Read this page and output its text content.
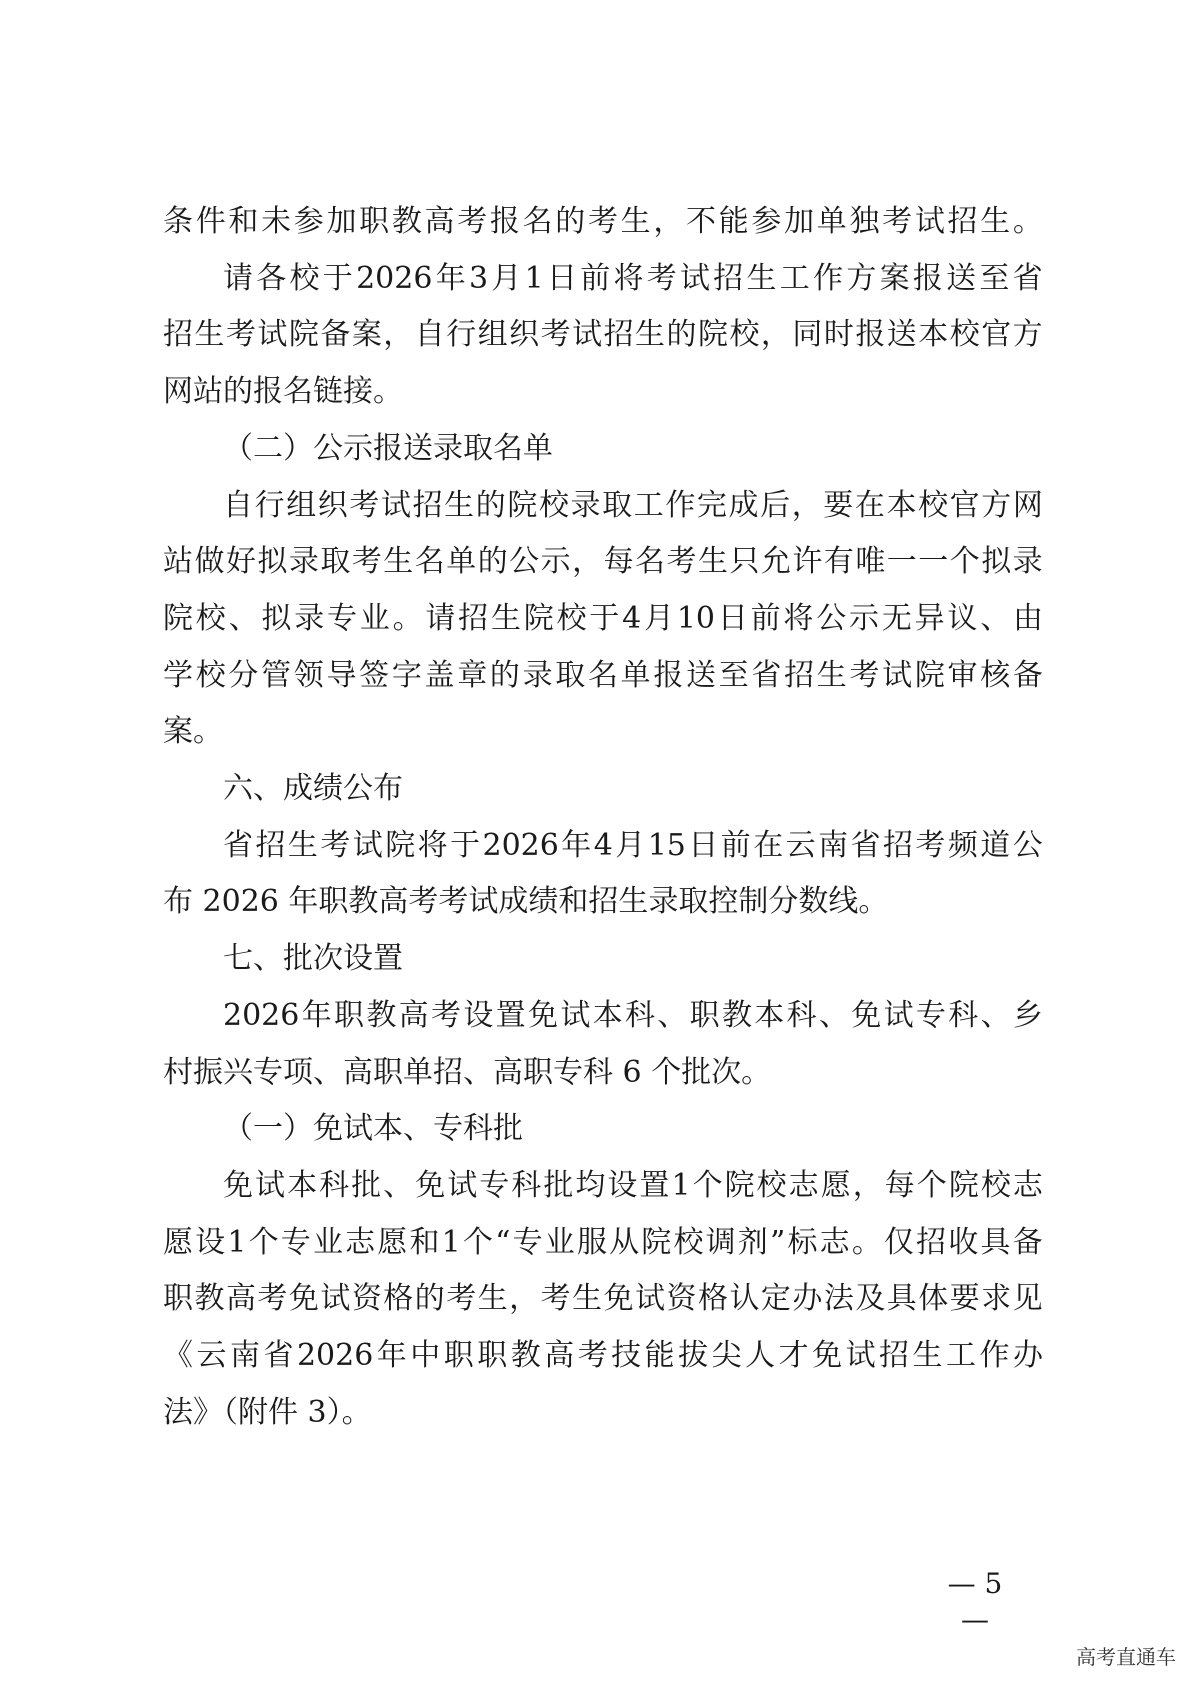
条 件 和 未 参 加 职 教 高 考 报 名 的 考 生 ， 不 能 参 加 单 独 考 试 招 生 。
请 各 校 于 2026 年 3 月 1 日 前 将 考 试 招 生 工 作 方 案 报 送 至 省
招 生 考 试 院 备 案 ， 自 行 组 织 考 试 招 生 的 院 校 ， 同 时 报 送 本 校 官 方
网站的报名链接。
（二）公示报送录取名单
自 行 组 织 考 试 招 生 的 院 校 录 取 工 作 完 成 后 ， 要 在 本 校 官 方 网
站 做 好 拟 录 取 考 生 名 单 的 公 示 ， 每 名 考 生 只 允 许 有 唯 一 一 个 拟 录
院 校 、 拟 录 专 业 。 请 招 生 院 校 于 4 月 10 日 前 将 公 示 无 异 议 、 由
学 校 分 管 领 导 签 字 盖 章 的 录 取 名 单 报 送 至 省 招 生 考 试 院 审 核 备
案。
六、成绩公布
省 招 生 考 试 院 将 于 2026 年 4 月 15 日 前 在 云 南 省 招 考 频 道 公
布 2026 年职教高考考试成绩和招生录取控制分数线。
七、批次设置
2026 年 职 教 高 考 设 置 免 试 本 科 、 职 教 本 科 、 免 试 专 科 、 乡
村振兴专项、高职单招、高职专科 6 个批次。
（一）免试本、专科批
免 试 本 科 批 、 免 试 专 科 批 均 设 置 1 个 院 校 志 愿 ， 每 个 院 校 志
愿 设 1 个 专 业 志 愿 和 1 个 “ 专 业 服 从 院 校 调 剂 ” 标 志 。 仅 招 收 具 备
职 教 高 考 免 试 资 格 的 考 生 ， 考 生 免 试 资 格 认 定 办 法 及 具 体 要 求 见
《 云 南 省 2026 年 中 职 职 教 高 考 技 能 拔 尖 人 才 免 试 招 生 工 作 办
法》（附件 3）。
— 5 —
高考直通车
